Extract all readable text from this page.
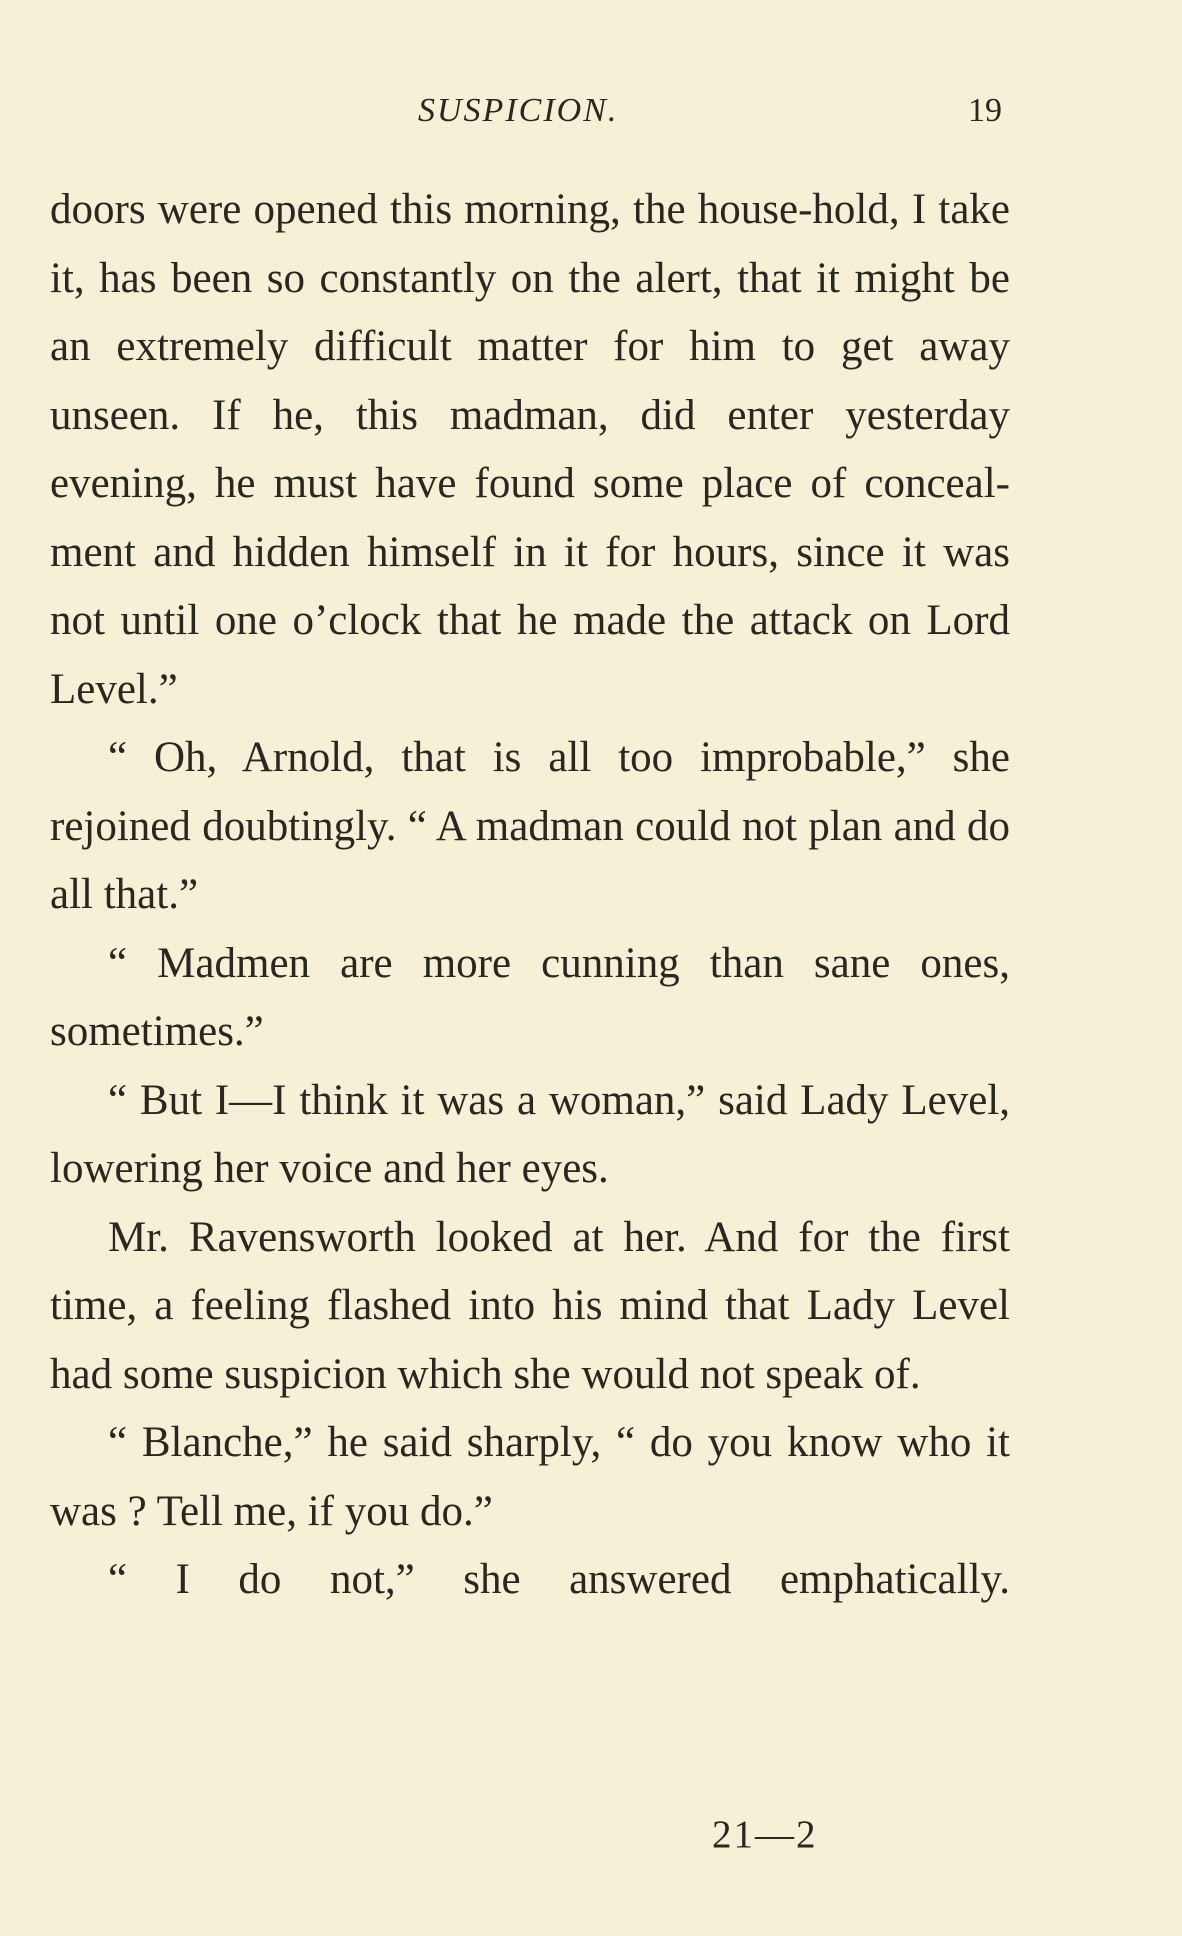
SUSPICION.	19

doors were opened this morning, the house-hold, I take it, has been so constantly on the alert, that it might be an extremely difficult matter for him to get away unseen. If he, this madman, did enter yesterday evening, he must have found some place of conceal-ment and hidden himself in it for hours, since it was not until one o’clock that he made the attack on Lord Level.”

“ Oh, Arnold, that is all too improbable,” she rejoined doubtingly. “ A madman could not plan and do all that.”

“ Madmen are more cunning than sane ones, sometimes.”

“ But I—I think it was a woman,” said Lady Level, lowering her voice and her eyes.

Mr. Ravensworth looked at her. And for the first time, a feeling flashed into his mind that Lady Level had some suspicion which she would not speak of.

“ Blanche,” he said sharply, “ do you know who it was ? Tell me, if you do.”

“ I do not,” she answered emphatically.

21—2
